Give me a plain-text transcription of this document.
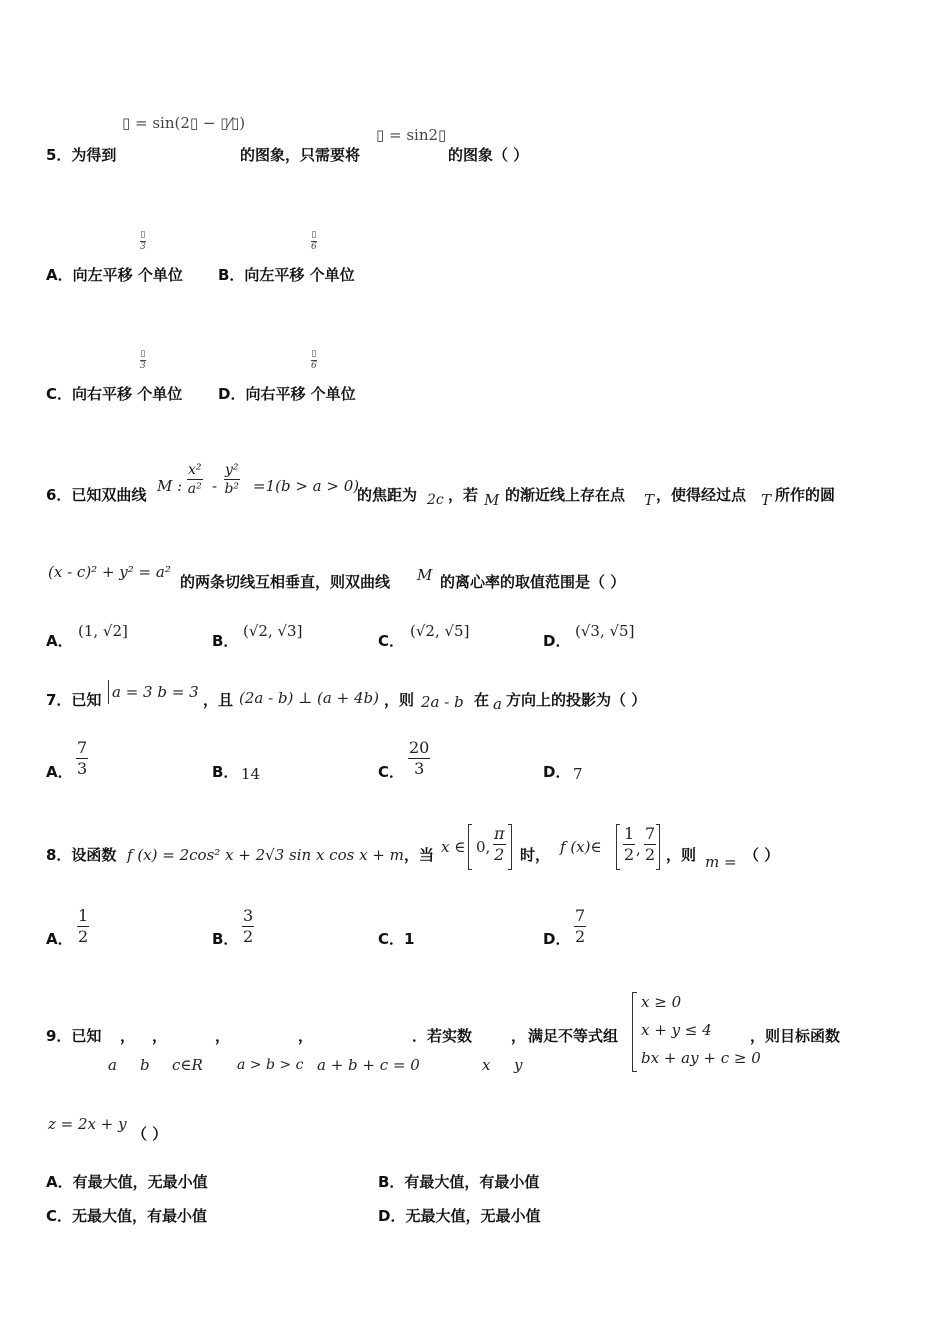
▯ = sin(2▯ − ▯⁄▯)
5．为得到	的图象，只需要将
▯ = sin2▯
的图象（ ）
▯
3
▯
6
A．向左平移 个单位 B．向左平移 个单位
▯
3
▯
6
C．向右平移 个单位 D．向右平移 个单位
6．已知双曲线 M :
x²
a² -
y²
b² =1(b > a > 0)
的焦距为 2c ，若 M 的渐近线上存在点 T ，使得经过点 T 所作的圆
(x - c)² + y² = a²
的两条切线互相垂直，则双曲线 M 的离心率的取值范围是（ ）
A．
(1, √2]
B．
(√2, √3]
C．
(√2, √5]
D．
(√3, √5]
7．已知 a = 3 b = 3 ，且 (2a - b) ⊥ (a + 4b) ，则 2a - b 在 a 方向上的投影为（ ）
A．
7
3	B． 14	C．
20
3	D． 7
8．设函数 f (x) = 2cos² x + 2√3 sin x cos x + m ，当 x ∈ 0,
π
2 时， f (x)∈
1
2 ,
7
2 ，则 m = （ ）
A．
1
2	B．
3
2	C．1	D．
7
2
9．已知 ， ，	，	，	．若实数	， 满足不等式组
a b c∈R a > b > c a + b + c = 0	x y
x ≥ 0
x + y ≤ 4
bx + ay + c ≥ 0
，则目标函数
z = 2x + y
（ ）
A．有最大值，无最小值	B．有最大值，有最小值
C．无最大值，有最小值	D．无最大值，无最小值
